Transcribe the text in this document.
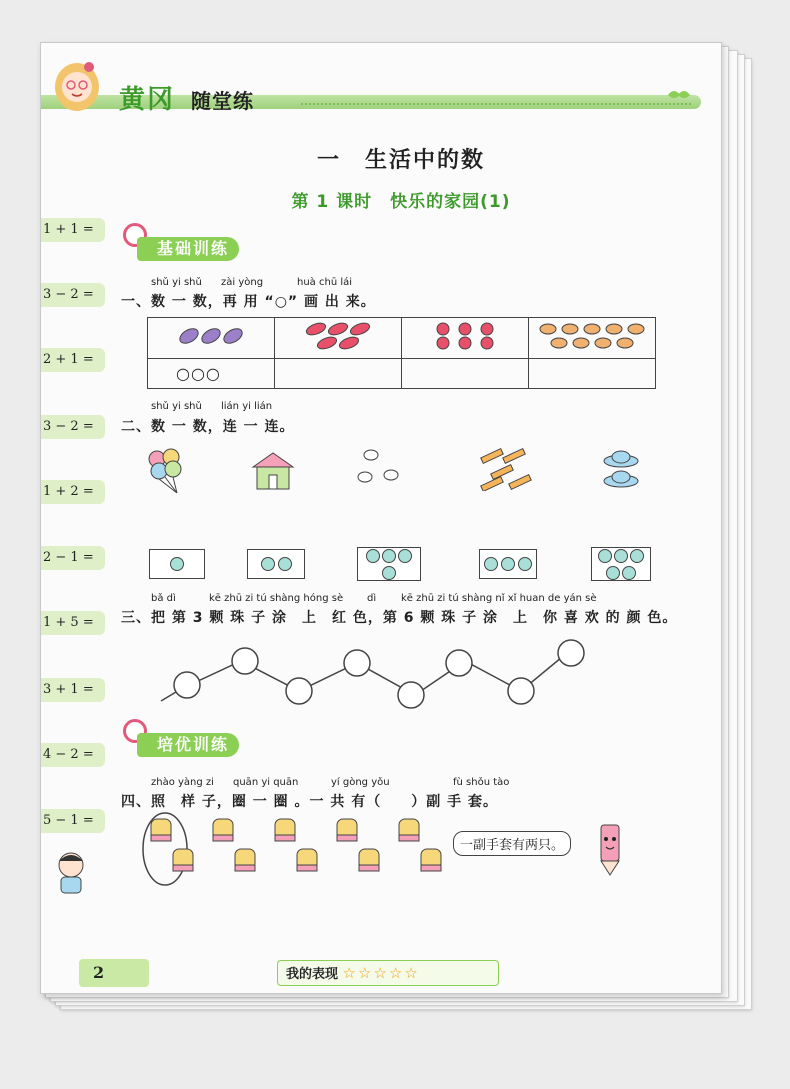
黄冈 随堂练
一　生活中的数
第 1 课时　快乐的家园(1)
1 + 1 =
3 − 2 =
2 + 1 =
3 − 2 =
1 + 2 =
2 − 1 =
1 + 5 =
3 + 1 =
4 − 2 =
5 − 1 =
基础训练
shǔ yi shǔ zài yòng	huà chū lái
一、数 一 数，再 用 “○” 画 出 来。

○○○			
shǔ yi shǔ lián yi lián
二、数 一 数，连 一 连。
bǎ dì	kē zhū zi tú shàng hóng sè dì kē zhū zi tú shàng nǐ xǐ huan de yán sè
三、把 第 3 颗 珠 子 涂　上　红 色，第 6 颗 珠 子 涂　上　你 喜 欢 的 颜 色。
培优训练
zhào yàng zi quān yi quān	yí gòng yǒu	fù shǒu tào
四、照　样 子，圈 一 圈 。一 共 有（　　）副 手 套。
一副手套有两只。
2	我的表现 ☆☆☆☆☆
